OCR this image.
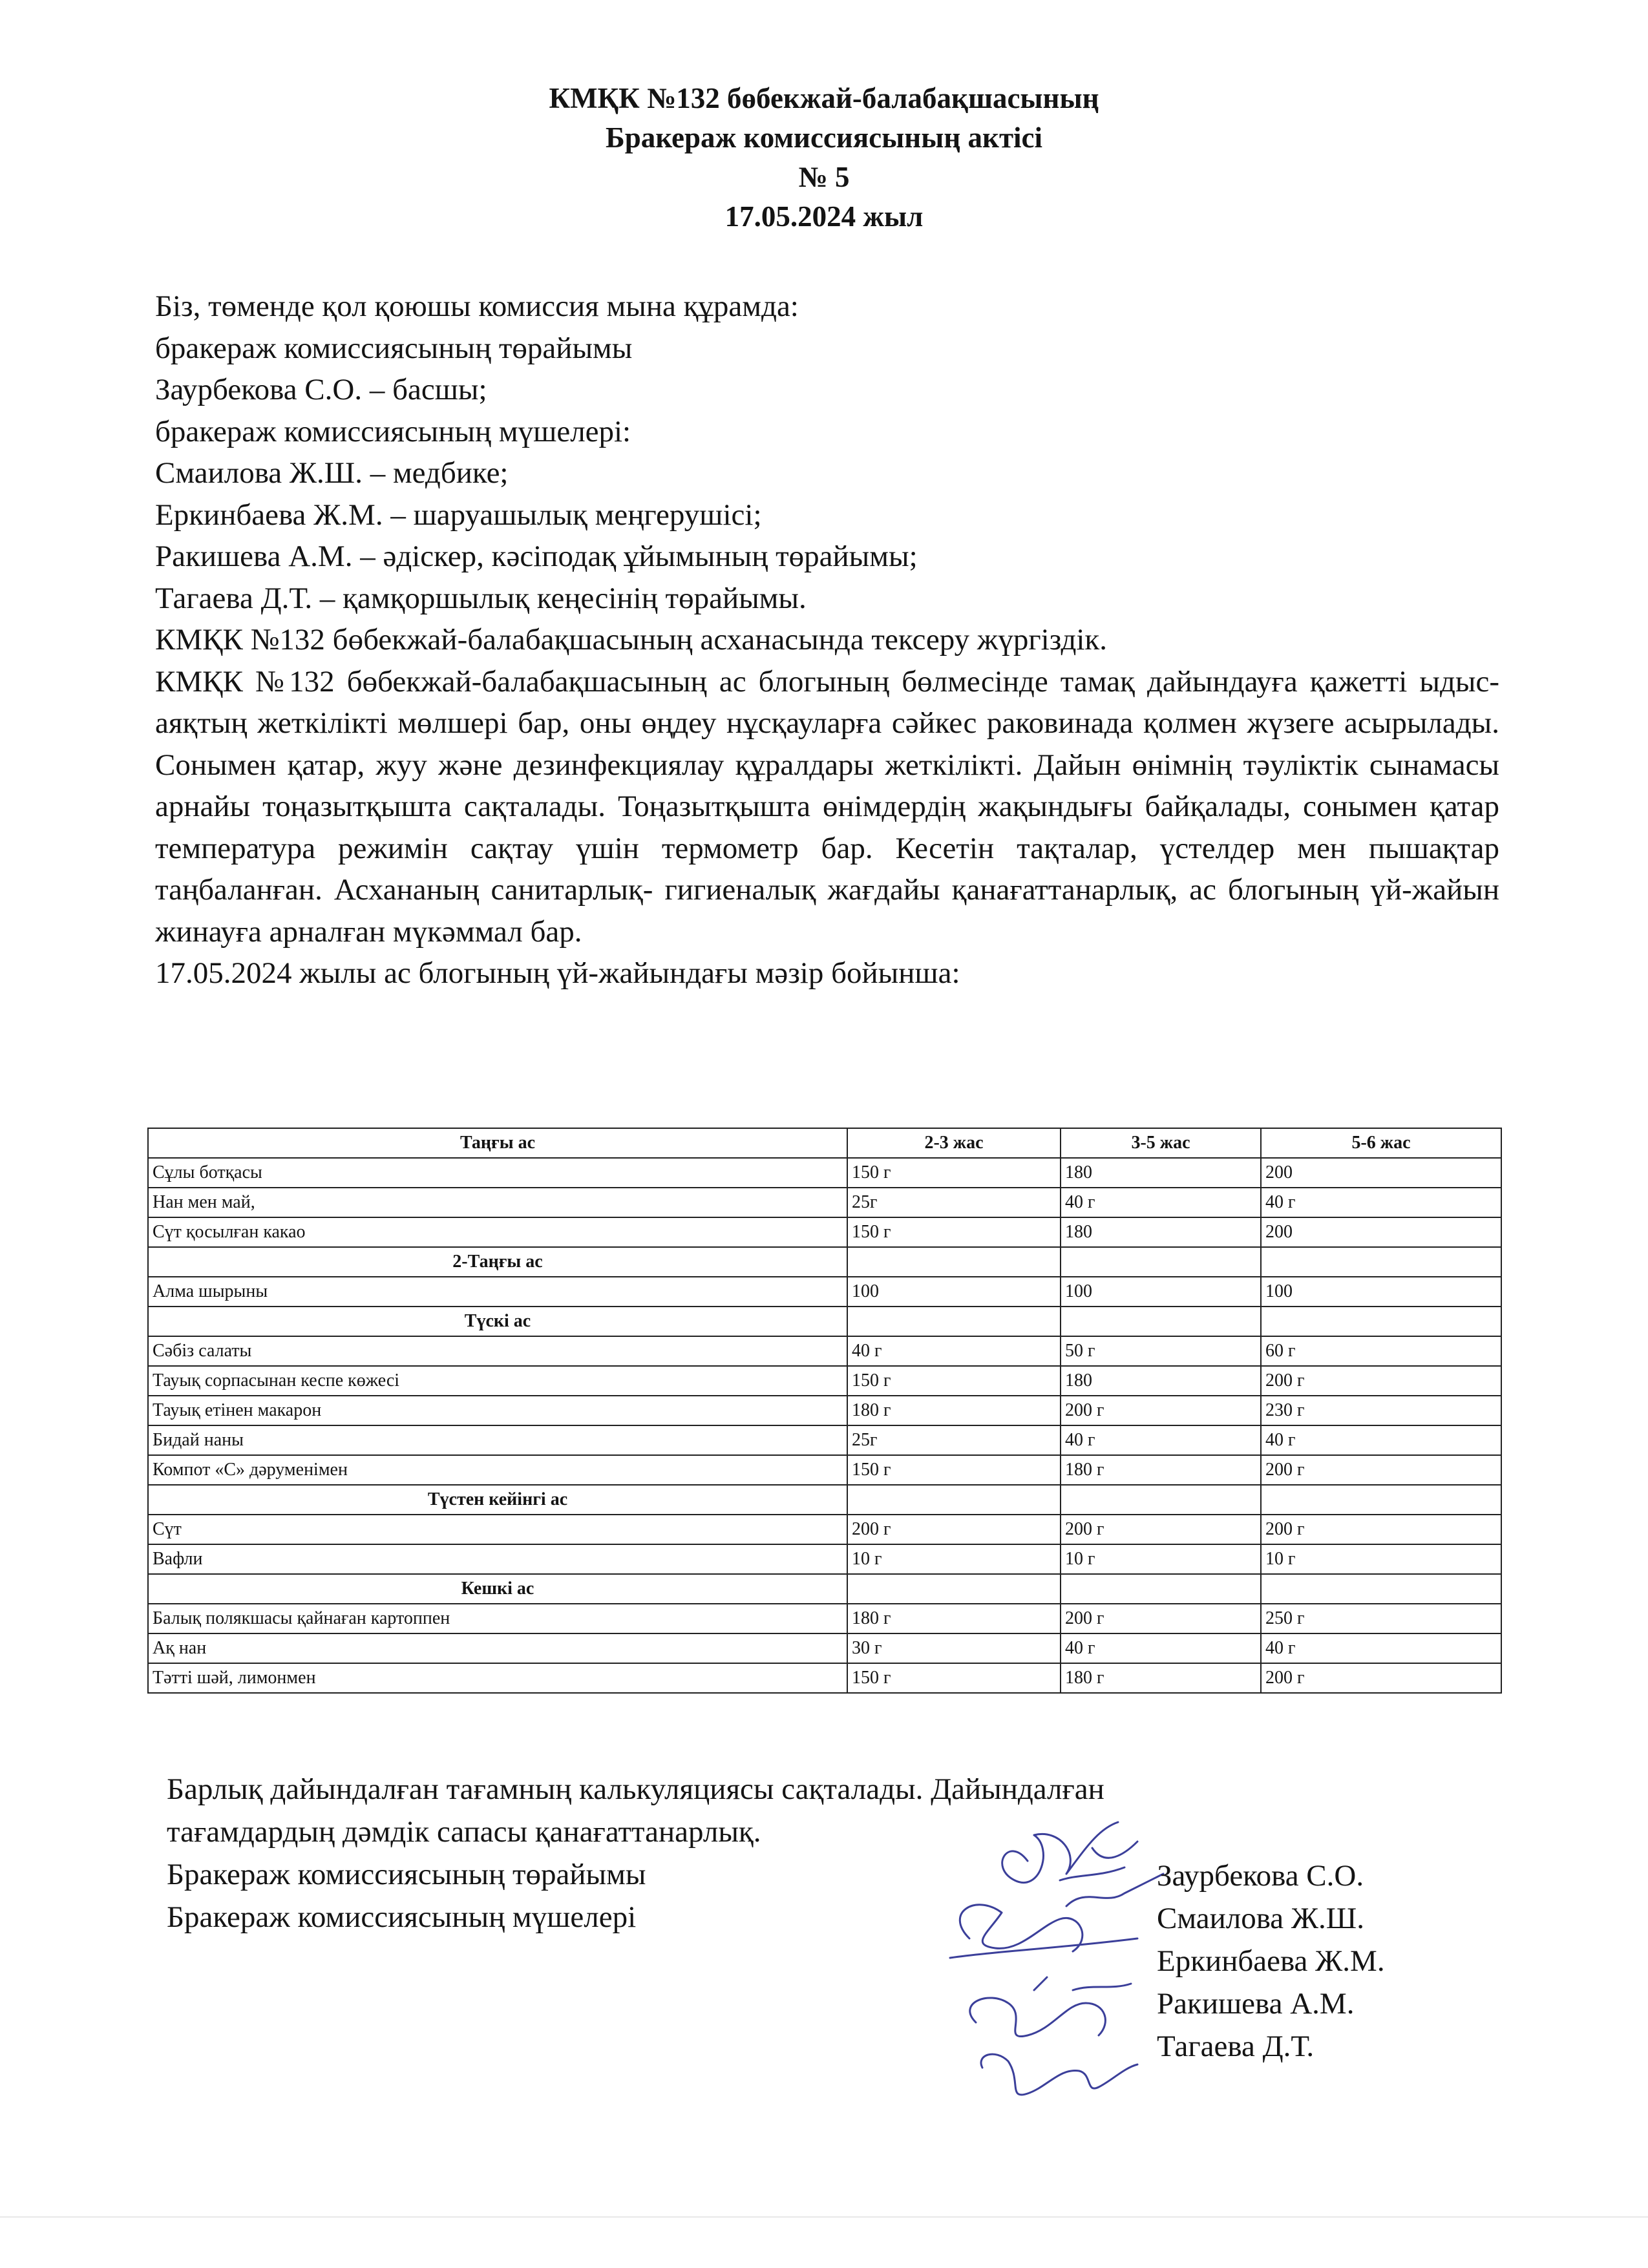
КМҚК №132 бөбекжай-балабақшасының
Бракераж комиссиясының актісі
№ 5
17.05.2024 жыл
Біз, төменде қол қоюшы комиссия мына құрамда:
бракераж комиссиясының төрайымы
Заурбекова С.О. – басшы;
бракераж комиссиясының мүшелері:
Смаилова Ж.Ш. – медбике;
Еркинбаева Ж.М. – шаруашылық меңгерушісі;
Ракишева А.М. – әдіскер, кәсіподақ ұйымының төрайымы;
Тагаева Д.Т. – қамқоршылық кеңесінің төрайымы.
КМҚК №132 бөбекжай-балабақшасының асханасында тексеру жүргіздік.

КМҚК №132 бөбекжай-балабақшасының ас блогының бөлмесінде тамақ дайындауға қажетті ыдыс-аяқтың жеткілікті мөлшері бар, оны өңдеу нұсқауларға сәйкес раковинада қолмен жүзеге асырылады. Сонымен қатар, жуу және дезинфекциялау құралдары жеткілікті. Дайын өнімнің тәуліктік сынамасы арнайы тоңазытқышта сақталады. Тоңазытқышта өнімдердің жақындығы байқалады, сонымен қатар температура режимін сақтау үшін термометр бар. Кесетін тақталар, үстелдер мен пышақтар таңбаланған. Асхананың санитарлық- гигиеналық жағдайы қанағаттанарлық, ас блогының үй-жайын жинауға арналған мүкәммал бар.

17.05.2024 жылы ас блогының үй-жайындағы мәзір бойынша:
Таңғы ас	2-3 жас	3-5 жас	5-6 жас
Сұлы ботқасы	150 г	180	200
Нан мен май,	25г	40 г	40 г
Сүт қосылған какао	150 г	180	200
2-Таңғы ас			
Алма шырыны	100	100	100
Түскі ас			
Сәбіз салаты	40 г	50 г	60 г
Тауық сорпасынан кеспе көжесі	150 г	180	200 г
Тауық етінен макарон	180 г	200 г	230 г
Бидай наны	25г	40 г	40 г
Компот «С» дәруменімен	150 г	180 г	200 г
Түстен кейінгі ас			
Сүт	200 г	200 г	200 г
Вафли	10 г	10 г	10 г
Кешкі ас			
Балық полякшасы қайнаған картоппен	180 г	200 г	250 г
Ақ нан	30 г	40 г	40 г
Тәтті шәй, лимонмен	150 г	180 г	200 г
Барлық дайындалған тағамның калькуляциясы сақталады. Дайындалған
тағамдардың дәмдік сапасы қанағаттанарлық.
Бракераж комиссиясының төрайымы
Бракераж комиссиясының мүшелері
Заурбекова С.О.
Смаилова Ж.Ш.
Еркинбаева Ж.М.
Ракишева А.М.
Тагаева Д.Т.
